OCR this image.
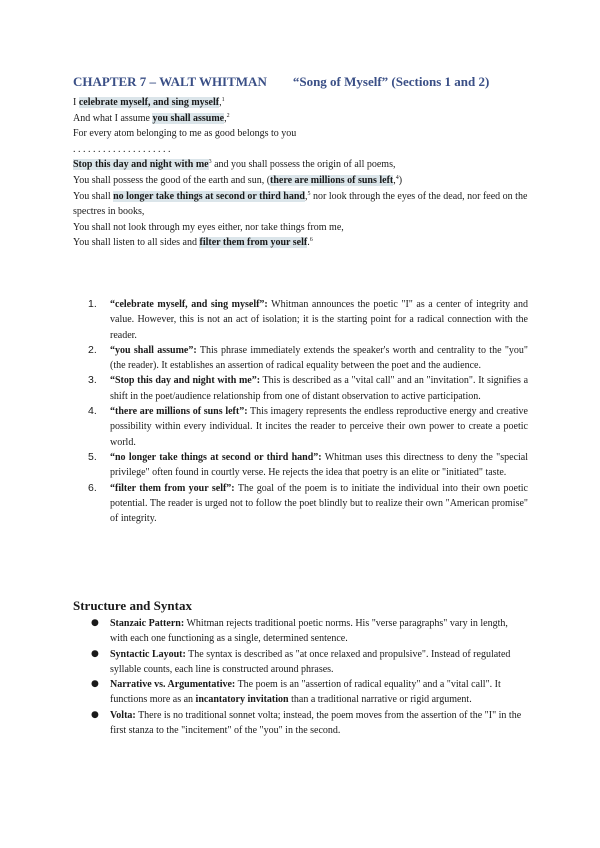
CHAPTER 7 – WALT WHITMAN “Song of Myself” (Sections 1 and 2)
I celebrate myself, and sing myself,$^1$
And what I assume you shall assume,$^2$
For every atom belonging to me as good belongs to you
. . . . . . . . . . . . . . . . . . . .
Stop this day and night with $me^3$ and you shall possess the origin of all poems,
You shall possess the good of the earth and sun, (there are millions of suns left,$^4$)
You shall no longer take things at second or third hand,$^5$ nor look through the eyes of the dead, nor feed on the spectres in books,
You shall not look through my eyes either, nor take things from me,
You shall listen to all sides and filter them from your self.$^6$
1.	“celebrate myself, and sing myself”: Whitman announces the poetic "I" as a center of integrity and value. However, this is not an act of isolation; it is the starting point for a radical connection with the reader.
2.	“you shall assume”: This phrase immediately extends the speaker's worth and centrality to the "you" (the reader). It establishes an assertion of radical equality between the poet and the audience.
3.	“Stop this day and night with me”: This is described as a "vital call" and an "invitation". It signifies a shift in the poet/audience relationship from one of distant observation to active participation.
4.	“there are millions of suns left”: This imagery represents the endless reproductive energy and creative possibility within every individual. It incites the reader to perceive their own power to create a poetic world.
5.	“no longer take things at second or third hand”: Whitman uses this directness to deny the "special privilege" often found in courtly verse. He rejects the idea that poetry is an elite or "initiated" taste.
6.	“filter them from your self”: The goal of the poem is to initiate the individual into their own poetic potential. The reader is urged not to follow the poet blindly but to realize their own "American promise" of integrity.
Structure and Syntax
● Stanzaic Pattern: Whitman rejects traditional poetic norms. His "verse paragraphs" vary in length, with each one functioning as a single, determined sentence.
● Syntactic Layout: The syntax is described as "at once relaxed and propulsive". Instead of regulated syllable counts, each line is constructed around phrases.
● Narrative vs. Argumentative: The poem is an "assertion of radical equality" and a "vital call". It functions more as an incantatory invitation than a traditional narrative or rigid argument.
● Volta: There is no traditional sonnet volta; instead, the poem moves from the assertion of the "I" in the first stanza to the "incitement" of the "you" in the second.
